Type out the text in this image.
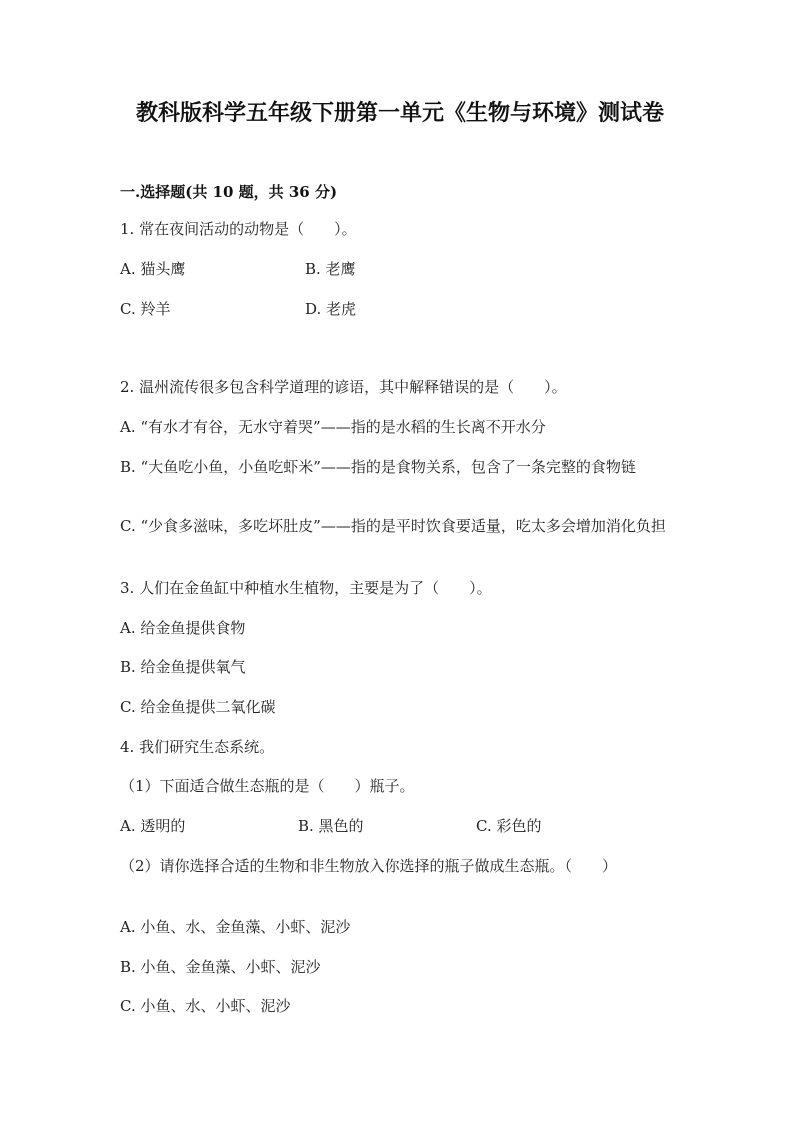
教科版科学五年级下册第一单元《生物与环境》测试卷
一.选择题(共 10 题，共 36 分)
1. 常在夜间活动的动物是（　　）。
A. 猫头鹰	B. 老鹰
C. 羚羊	D. 老虎
2. 温州流传很多包含科学道理的谚语，其中解释错误的是（　　）。
A. “有水才有谷，无水守着哭”——指的是水稻的生长离不开水分
B. “大鱼吃小鱼，小鱼吃虾米”——指的是食物关系，包含了一条完整的食物链
C. “少食多滋味，多吃坏肚皮”——指的是平时饮食要适量，吃太多会增加消化负担
3. 人们在金鱼缸中种植水生植物，主要是为了（　　）。
A. 给金鱼提供食物
B. 给金鱼提供氧气
C. 给金鱼提供二氧化碳
4. 我们研究生态系统。
（1）下面适合做生态瓶的是（　　）瓶子。
A. 透明的	B. 黑色的	C. 彩色的
（2）请你选择合适的生物和非生物放入你选择的瓶子做成生态瓶。（　　）
A. 小鱼、水、金鱼藻、小虾、泥沙
B. 小鱼、金鱼藻、小虾、泥沙
C. 小鱼、水、小虾、泥沙
